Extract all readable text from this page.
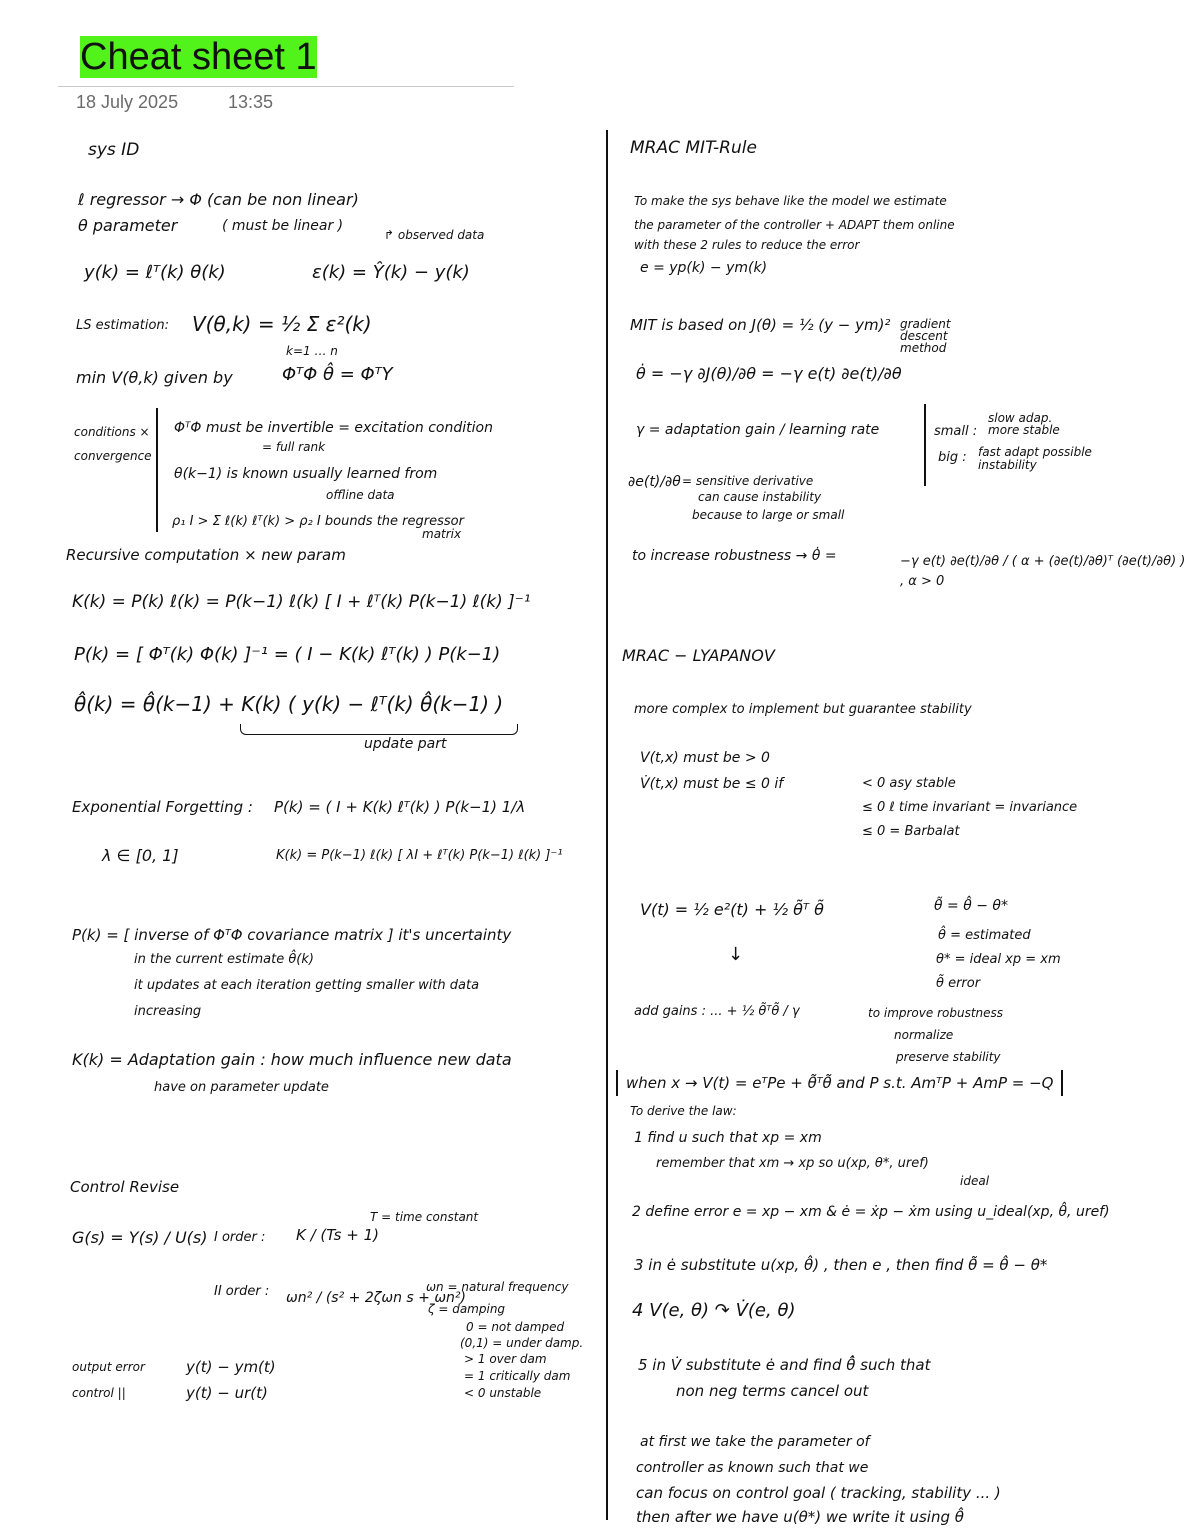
Cheat sheet 1
18 July 2025	13:35
sys ID
ℓ regressor → Φ (can be non linear)
θ parameter	( must be linear )
↱ observed data
y(k) = ℓᵀ(k) θ(k)	ε(k) = Ŷ(k) − y(k)
LS estimation: V(θ,k) = ½ Σ ε²(k)
k=1 … n
min V(θ,k) given by	ΦᵀΦ θ̂ = ΦᵀY
conditions × convergence
ΦᵀΦ must be invertible = excitation condition
= full rank
θ(k−1) is known usually learned from
offline data
ρ₁ I > Σ ℓ(k) ℓᵀ(k) > ρ₂ I bounds the regressor
matrix
Recursive computation × new param
K(k) = P(k) ℓ(k) = P(k−1) ℓ(k) [ I + ℓᵀ(k) P(k−1) ℓ(k) ]⁻¹
P(k) = [ Φᵀ(k) Φ(k) ]⁻¹ = ( I − K(k) ℓᵀ(k) ) P(k−1)
θ̂(k) = θ̂(k−1) + K(k) ( y(k) − ℓᵀ(k) θ̂(k−1) )
update part
Exponential Forgetting : P(k) = ( I + K(k) ℓᵀ(k) ) P(k−1) 1/λ
λ ∈ [0, 1]	K(k) = P(k−1) ℓ(k) [ λI + ℓᵀ(k) P(k−1) ℓ(k) ]⁻¹
P(k) = [ inverse of ΦᵀΦ covariance matrix ] it's uncertainty
in the current estimate θ̂(k)
it updates at each iteration getting smaller with data
increasing
K(k) = Adaptation gain : how much influence new data
have on parameter update
Control Revise
G(s) = Y(s) / U(s) I order : K / (Ts + 1)
T = time constant
II order : ωn² / (s² + 2ζωn s + ωn²)
ωn = natural frequency
ζ = damping
0 = not damped
(0,1) = under damp.
> 1 over dam
= 1 critically dam
< 0 unstable
output error	y(t) − ym(t)
control ||	y(t) − ur(t)
MRAC MIT-Rule
To make the sys behave like the model we estimate
the parameter of the controller + ADAPT them online
with these 2 rules to reduce the error
e = yp(k) − ym(k)
MIT is based on J(θ) = ½ (y − ym)² gradient descent method
θ̇ = −γ ∂J(θ)/∂θ = −γ e(t) ∂e(t)/∂θ
γ = adaptation gain / learning rate	small :
slow adap. more stable
big : fast adapt possible instability
∂e(t)/∂θ = sensitive derivative
can cause instability
because to large or small
to increase robustness → θ̇ =	−γ e(t) ∂e(t)/∂θ / ( α + (∂e(t)/∂θ)ᵀ (∂e(t)/∂θ) ) , α > 0
MRAC − LYAPANOV
more complex to implement but guarantee stability
V(t,x) must be > 0
V̇(t,x) must be ≤ 0 if	< 0 asy stable
≤ 0 ℓ time invariant = invariance
≤ 0 = Barbalat
V(t) = ½ e²(t) + ½ θ̃ᵀ θ̃	θ̃ = θ̂ − θ*
θ̂ = estimated
θ* = ideal xp = xm
θ̃ error
↓
add gains : ... + ½ θ̃ᵀθ̃ / γ	to improve robustness
normalize
preserve stability
when x → V(t) = eᵀPe + θ̃ᵀθ̃ and P s.t. AmᵀP + AmP = −Q
To derive the law:
1 find u such that xp = xm
remember that xm → xp so u(xp, θ*, uref)
ideal
2 define error e = xp − xm & ė = ẋp − ẋm using u_ideal(xp, θ̂, uref)
3 in ė substitute u(xp, θ̂) , then e , then find θ̃ = θ̂ − θ*
4 V(e, θ) ↷ V̇(e, θ)
5 in V̇ substitute ė and find θ̂̇ such that
non neg terms cancel out
at first we take the parameter of
controller as known such that we
can focus on control goal ( tracking, stability ... )
then after we have u(θ*) we write it using θ̂
